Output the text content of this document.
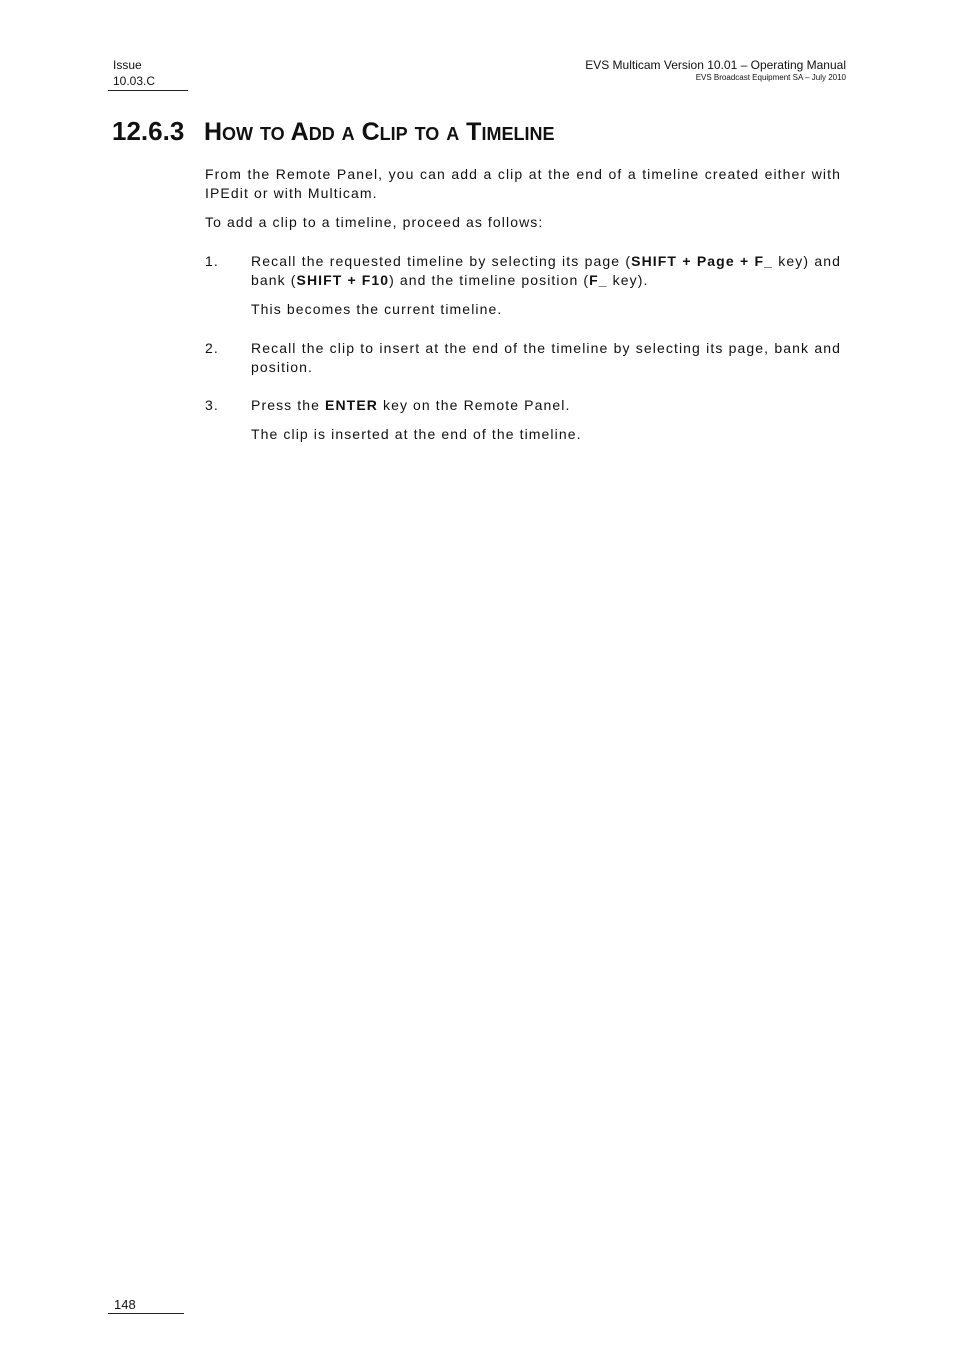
Issue
10.03.C
EVS Multicam Version 10.01 – Operating Manual
EVS Broadcast Equipment SA – July 2010
12.6.3 How to Add a Clip to a Timeline

From the Remote Panel, you can add a clip at the end of a timeline created either with IPEdit or with Multicam.

To add a clip to a timeline, proceed as follows:

1. Recall the requested timeline by selecting its page (SHIFT + Page + F_ key) and bank (SHIFT + F10) and the timeline position (F_ key).

This becomes the current timeline.

2. Recall the clip to insert at the end of the timeline by selecting its page, bank and position.
3. Press the ENTER key on the Remote Panel.

The clip is inserted at the end of the timeline.

148
